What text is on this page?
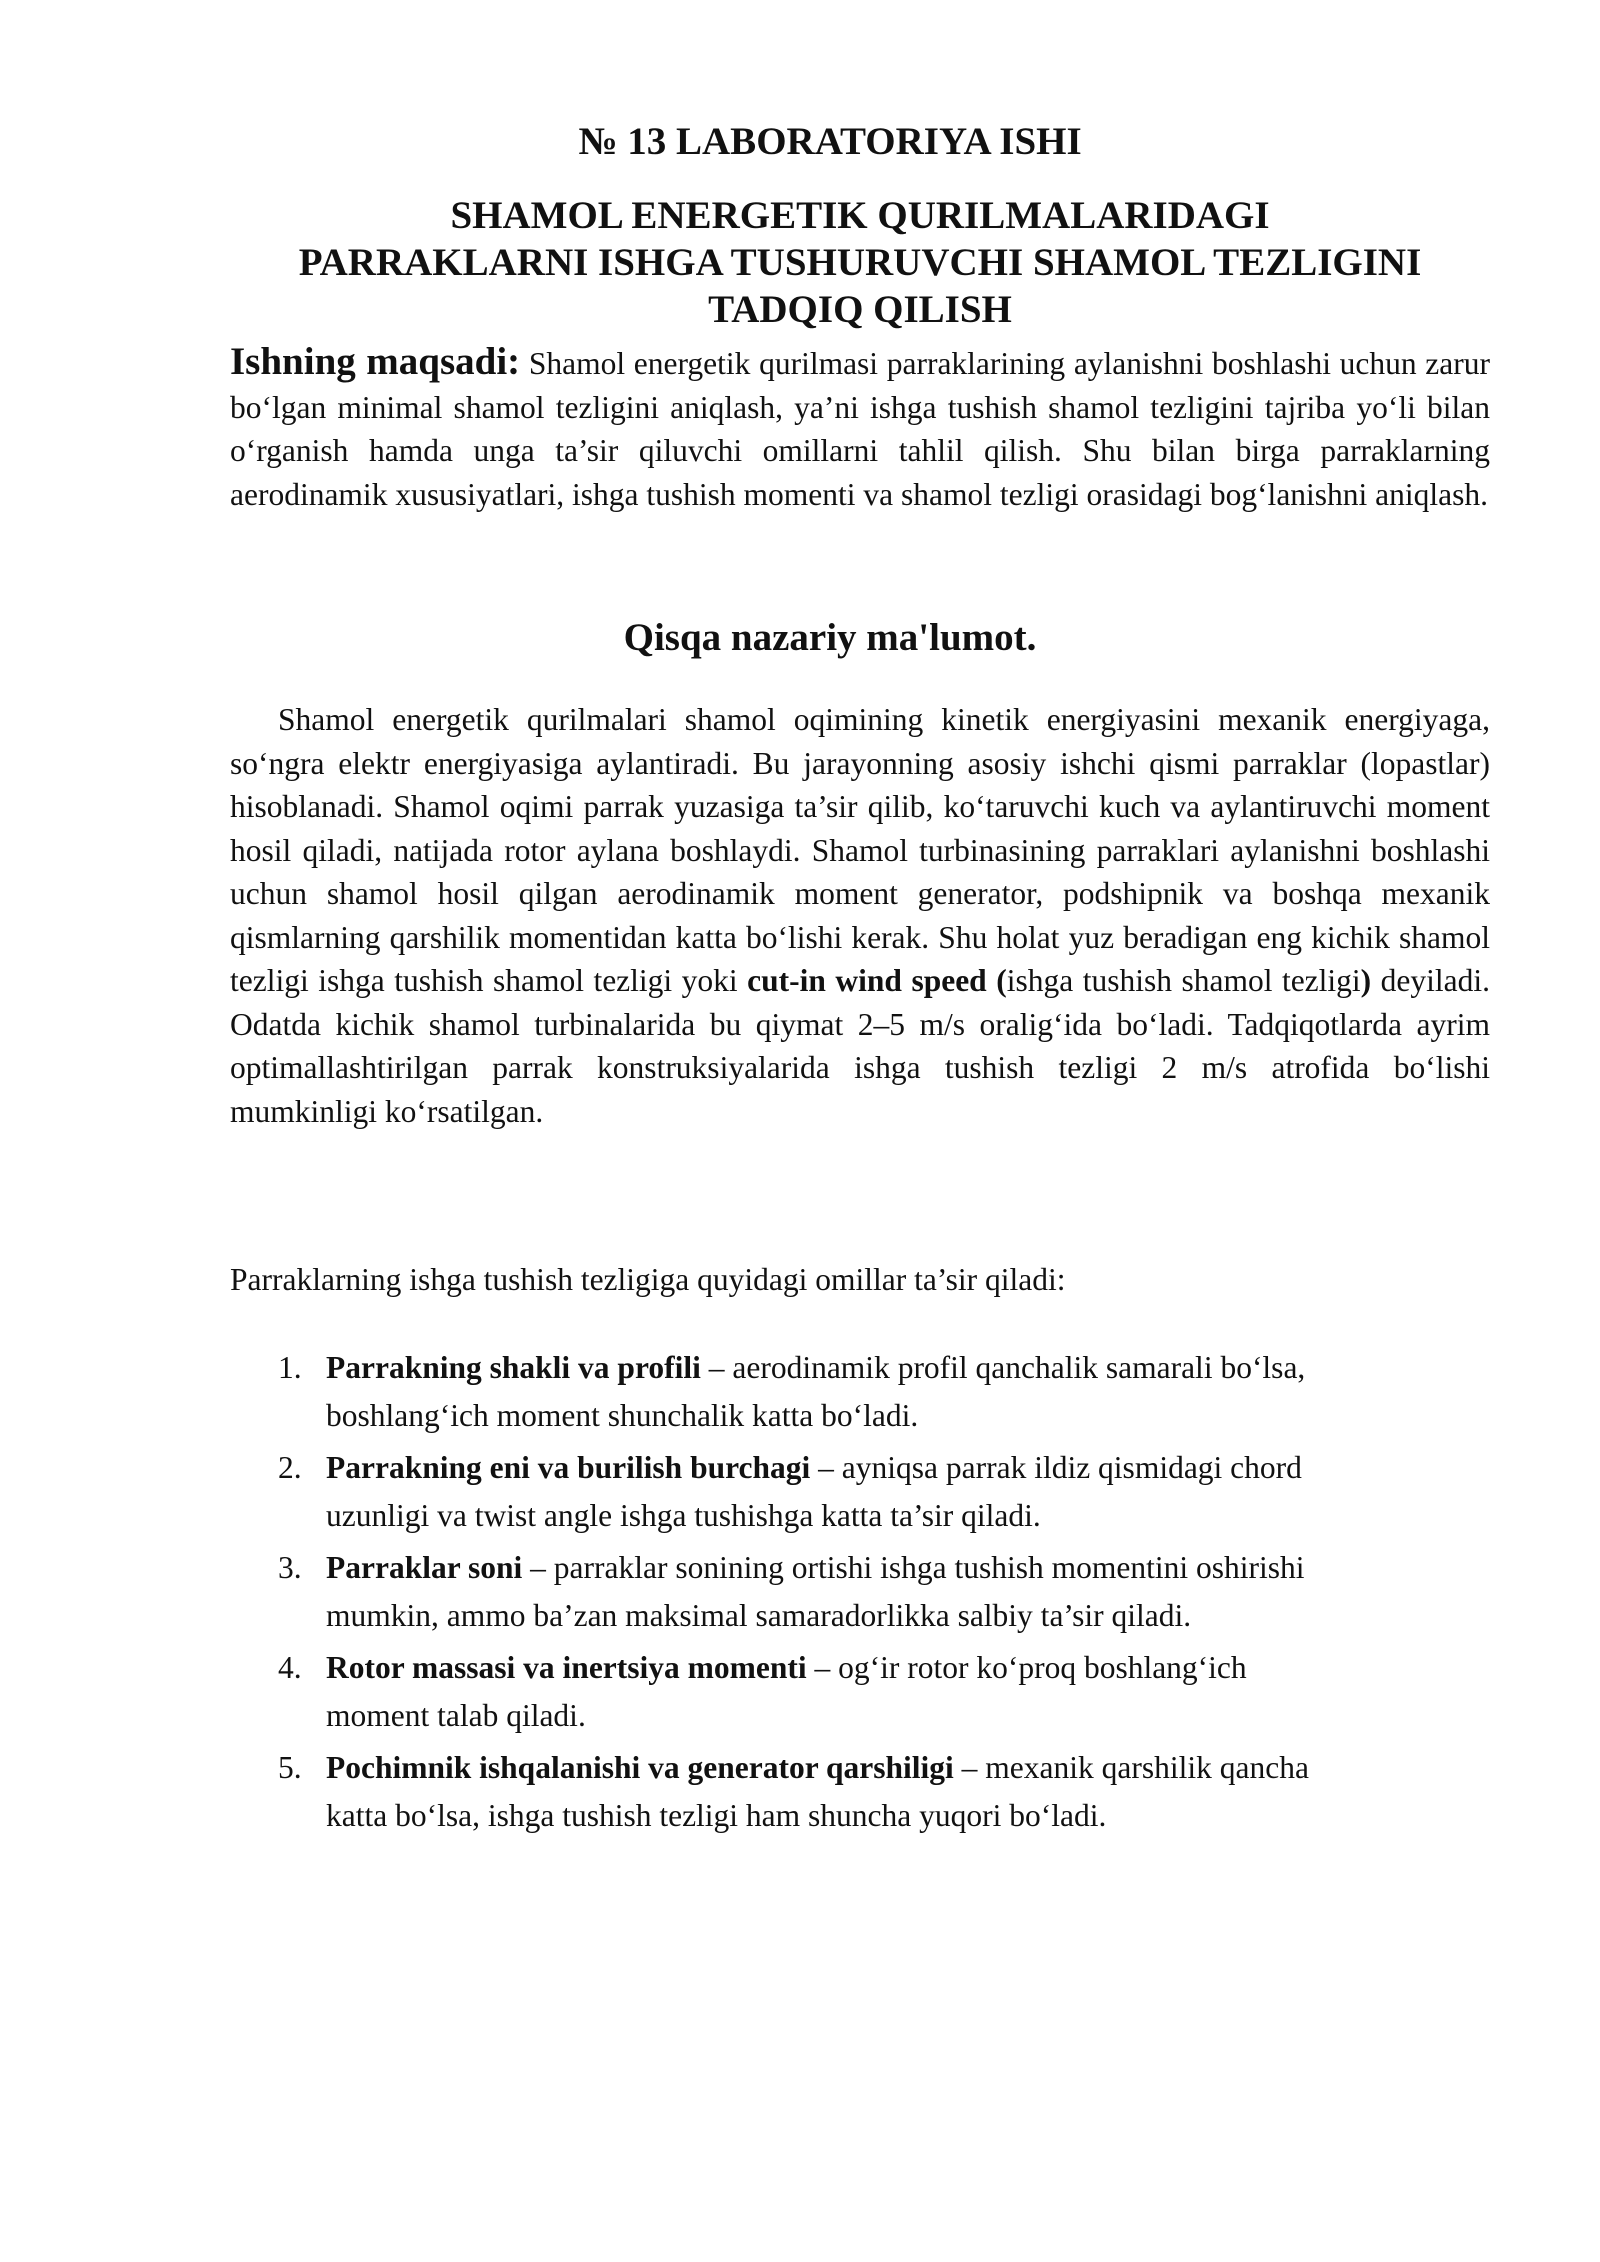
№ 13 LABORATORIYA ISHI
SHAMOL ENERGETIK QURILMALARIDAGI
PARRAKLARNI ISHGA TUSHURUVCHI SHAMOL TEZLIGINI
TADQIQ QILISH

Ishning maqsadi: Shamol energetik qurilmasi parraklarining aylanishni boshlashi uchun zarur bo‘lgan minimal shamol tezligini aniqlash, ya’ni ishga tushish shamol tezligini tajriba yo‘li bilan o‘rganish hamda unga ta’sir qiluvchi omillarni tahlil qilish. Shu bilan birga parraklarning aerodinamik xususiyatlari, ishga tushish momenti va shamol tezligi orasidagi bog‘lanishni aniqlash.

Qisqa nazariy ma'lumot.

Shamol energetik qurilmalari shamol oqimining kinetik energiyasini mexanik energiyaga, so‘ngra elektr energiyasiga aylantiradi. Bu jarayonning asosiy ishchi qismi parraklar (lopastlar) hisoblanadi. Shamol oqimi parrak yuzasiga ta’sir qilib, ko‘taruvchi kuch va aylantiruvchi moment hosil qiladi, natijada rotor aylana boshlaydi. Shamol turbinasining parraklari aylanishni boshlashi uchun shamol hosil qilgan aerodinamik moment generator, podshipnik va boshqa mexanik qismlarning qarshilik momentidan katta bo‘lishi kerak. Shu holat yuz beradigan eng kichik shamol tezligi ishga tushish shamol tezligi yoki cut-in wind speed (ishga tushish shamol tezligi) deyiladi. Odatda kichik shamol turbinalarida bu qiymat 2–5 m/s oralig‘ida bo‘ladi. Tadqiqotlarda ayrim optimallashtirilgan parrak konstruksiyalarida ishga tushish tezligi 2 m/s atrofida bo‘lishi mumkinligi ko‘rsatilgan.

Parraklarning ishga tushish tezligiga quyidagi omillar ta’sir qiladi:

1. Parrakning shakli va profili – aerodinamik profil qanchalik samarali bo‘lsa, boshlang‘ich moment shunchalik katta bo‘ladi.
2. Parrakning eni va burilish burchagi – ayniqsa parrak ildiz qismidagi chord uzunligi va twist angle ishga tushishga katta ta’sir qiladi.
3. Parraklar soni – parraklar sonining ortishi ishga tushish momentini oshirishi mumkin, ammo ba’zan maksimal samaradorlikka salbiy ta’sir qiladi.
4. Rotor massasi va inertsiya momenti – og‘ir rotor ko‘proq boshlang‘ich moment talab qiladi.
5. Pochimnik ishqalanishi va generator qarshiligi – mexanik qarshilik qancha katta bo‘lsa, ishga tushish tezligi ham shuncha yuqori bo‘ladi.
